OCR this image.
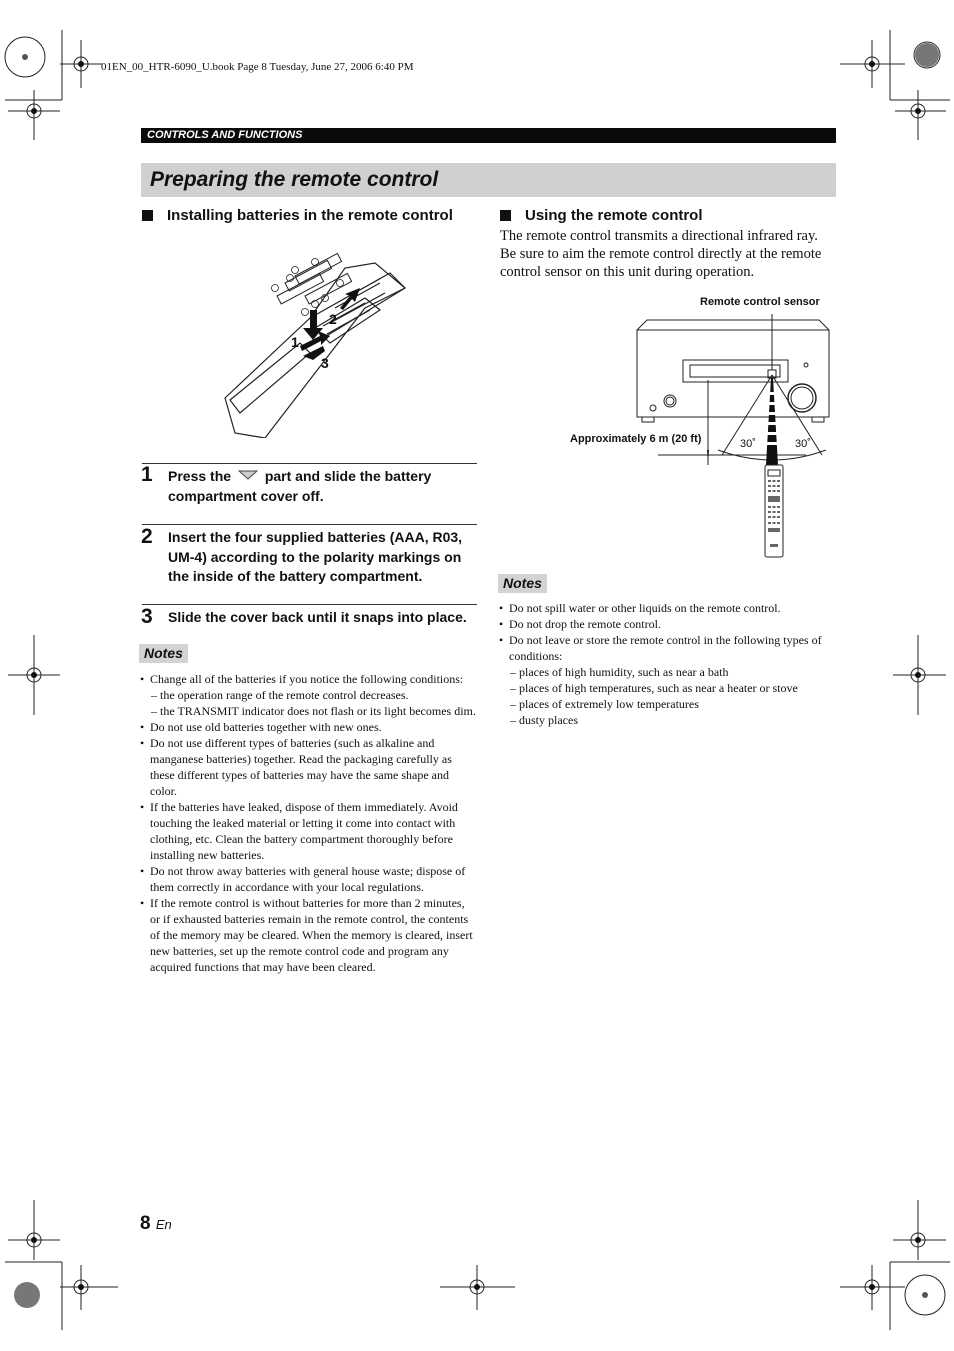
01EN_00_HTR-6090_U.book Page 8 Tuesday, June 27, 2006 6:40 PM
CONTROLS AND FUNCTIONS
Preparing the remote control
Installing batteries in the remote control
1
2
3
1 Press the part and slide the battery compartment cover off.
2 Insert the four supplied batteries (AAA, R03, UM-4) according to the polarity markings on the inside of the battery compartment.
3 Slide the cover back until it snaps into place.
Notes
• Change all of the batteries if you notice the following conditions:
– the operation range of the remote control decreases.
– the TRANSMIT indicator does not flash or its light becomes dim.
• Do not use old batteries together with new ones.
• Do not use different types of batteries (such as alkaline and manganese batteries) together. Read the packaging carefully as these different types of batteries may have the same shape and color.
• If the batteries have leaked, dispose of them immediately. Avoid touching the leaked material or letting it come into contact with clothing, etc. Clean the battery compartment thoroughly before installing new batteries.
• Do not throw away batteries with general house waste; dispose of them correctly in accordance with your local regulations.
• If the remote control is without batteries for more than 2 minutes, or if exhausted batteries remain in the remote control, the contents of the memory may be cleared. When the memory is cleared, insert new batteries, set up the remote control code and program any acquired functions that may have been cleared.
Using the remote control
The remote control transmits a directional infrared ray. Be sure to aim the remote control directly at the remote control sensor on this unit during operation.
Remote control sensor
Approximately 6 m (20 ft)	30˚	30˚
Notes
• Do not spill water or other liquids on the remote control.
• Do not drop the remote control.
• Do not leave or store the remote control in the following types of conditions:
– places of high humidity, such as near a bath
– places of high temperatures, such as near a heater or stove
– places of extremely low temperatures
– dusty places
8 En
